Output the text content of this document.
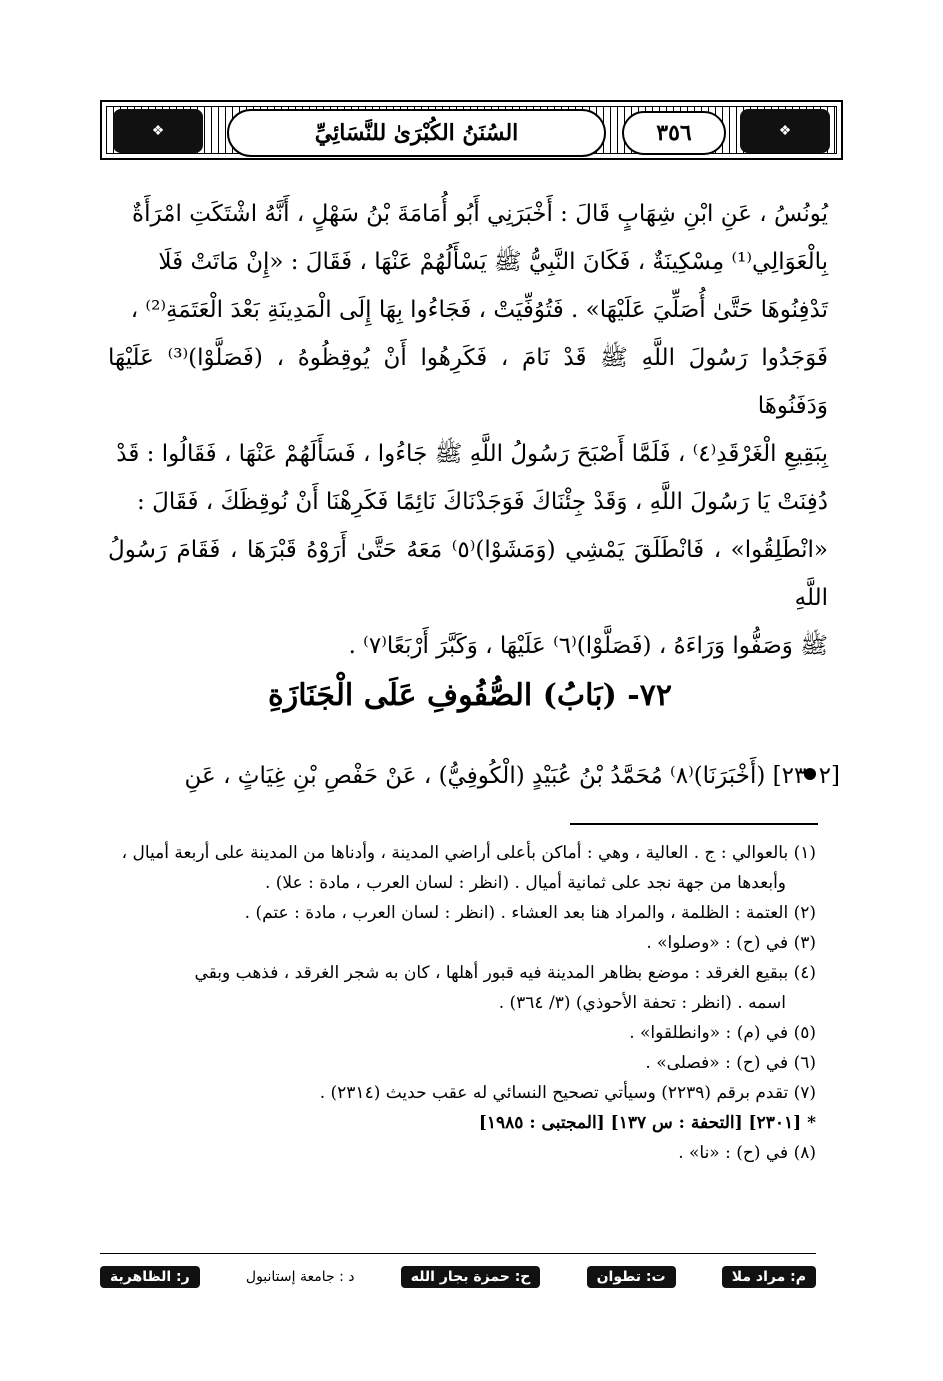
❖	السُنَنُ الكُبْرَىٰ للنَّسَائِيِّ	٣٥٦	❖

يُونُسُ ، عَنِ ابْنِ شِهَابٍ قَالَ : أَخْبَرَنِي أَبُو أُمَامَةَ بْنُ سَهْلٍ ، أَنَّهُ اشْتَكَتِ امْرَأَةٌ

بِالْعَوَالِي⁽¹⁾ مِسْكِينَةٌ ، فَكَانَ النَّبِيُّ ﷺ يَسْأَلُهُمْ عَنْهَا ، فَقَالَ : «إِنْ مَاتَتْ فَلَا

تَدْفِنُوهَا حَتَّىٰ أُصَلِّيَ عَلَيْهَا» . فَتُوُفِّيَتْ ، فَجَاءُوا بِهَا إِلَى الْمَدِينَةِ بَعْدَ الْعَتَمَةِ⁽²⁾ ،

فَوَجَدُوا رَسُولَ اللَّهِ ﷺ قَدْ نَامَ ، فَكَرِهُوا أَنْ يُوقِظُوهُ ، (فَصَلَّوْا)⁽³⁾ عَلَيْهَا وَدَفَنُوهَا

بِبَقِيعِ الْغَرْقَدِ⁽٤⁾ ، فَلَمَّا أَصْبَحَ رَسُولُ اللَّهِ ﷺ جَاءُوا ، فَسَأَلَهُمْ عَنْهَا ، فَقَالُوا : قَدْ

دُفِنَتْ يَا رَسُولَ اللَّهِ ، وَقَدْ جِئْنَاكَ فَوَجَدْنَاكَ نَائِمًا فَكَرِهْنَا أَنْ نُوقِظَكَ ، فَقَالَ :

«انْطَلِقُوا» ، فَانْطَلَقَ يَمْشِي (وَمَشَوْا)⁽٥⁾ مَعَهُ حَتَّىٰ أَرَوْهُ قَبْرَهَا ، فَقَامَ رَسُولُ اللَّهِ

ﷺ وَصَفُّوا وَرَاءَهُ ، (فَصَلَّوْا)⁽٦⁾ عَلَيْهَا ، وَكَبَّرَ أَرْبَعًا⁽٧⁾ .

٧٢- (بَابُ) الصُّفُوفِ عَلَى الْجَنَازَةِ
[٢٣٠٢] (أَخْبَرَنَا)⁽٨⁾ مُحَمَّدُ بْنُ عُبَيْدٍ (الْكُوفِيُّ) ، عَنْ حَفْصِ بْنِ غِيَاثٍ ، عَنِ

(١) بالعوالي : ج . العالية ، وهي : أماكن بأعلى أراضي المدينة ، وأدناها من المدينة على أربعة أميال ،

وأبعدها من جهة نجد على ثمانية أميال . (انظر : لسان العرب ، مادة : علا) .

(٢) العتمة : الظلمة ، والمراد هنا بعد العشاء . (انظر : لسان العرب ، مادة : عتم) .

(٣) في (ح) : «وصلوا» .

(٤) ببقيع الغرقد : موضع بظاهر المدينة فيه قبور أهلها ، كان به شجر الغرقد ، فذهب وبقي

اسمه . (انظر : تحفة الأحوذي) (٣/ ٣٦٤) .

(٥) في (م) : «وانطلقوا» .

(٦) في (ح) : «فصلى» .

(٧) تقدم برقم (٢٢٣٩) وسيأتي تصحيح النسائي له عقب حديث (٢٣١٤) .

* [٢٣٠١] [التحفة : س ١٣٧] [المجتبى : ١٩٨٥]

(٨) في (ح) : «نا» .

م: مراد ملا
ت: تطوان
ح: حمزة بجار الله
د : جامعة إستانبول
ر: الظاهرية
